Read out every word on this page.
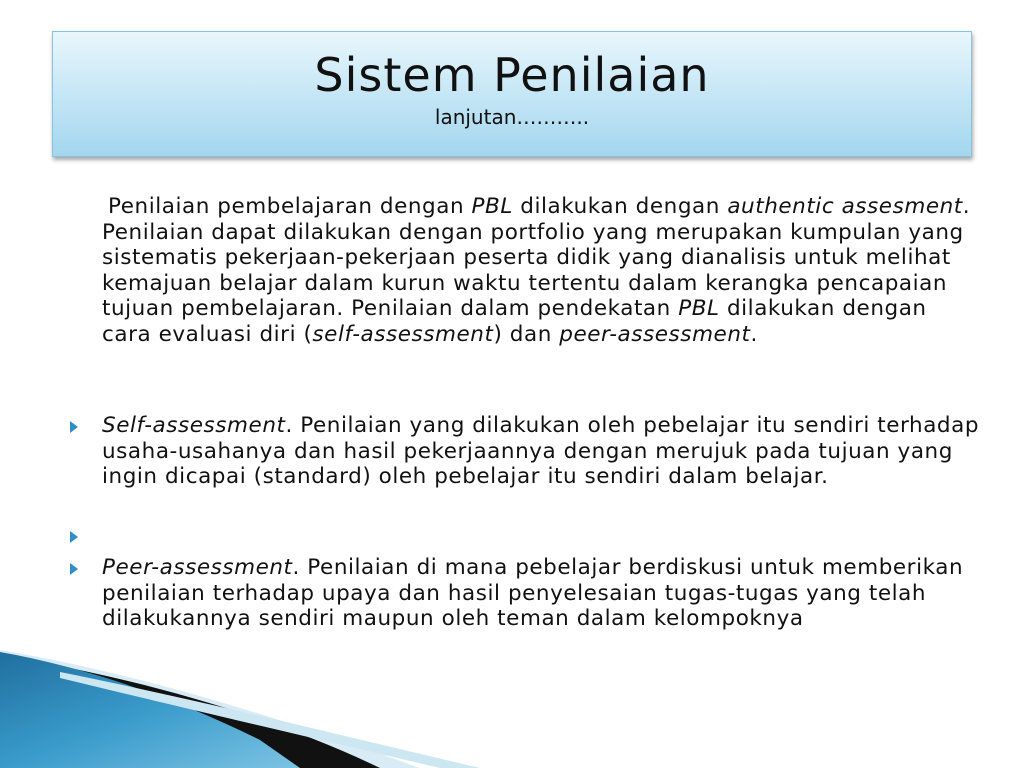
Sistem Penilaian
lanjutan………..
Penilaian pembelajaran dengan PBL dilakukan dengan authentic assesment. Penilaian dapat dilakukan dengan portfolio yang merupakan kumpulan yang sistematis pekerjaan-pekerjaan peserta didik yang dianalisis untuk melihat kemajuan belajar dalam kurun waktu tertentu dalam kerangka pencapaian tujuan pembelajaran. Penilaian dalam pendekatan PBL dilakukan dengan cara evaluasi diri (self-assessment) dan peer-assessment.
Self-assessment. Penilaian yang dilakukan oleh pebelajar itu sendiri terhadap usaha-usahanya dan hasil pekerjaannya dengan merujuk pada tujuan yang ingin dicapai (standard) oleh pebelajar itu sendiri dalam belajar.
Peer-assessment. Penilaian di mana pebelajar berdiskusi untuk memberikan penilaian terhadap upaya dan hasil penyelesaian tugas-tugas yang telah dilakukannya sendiri maupun oleh teman dalam kelompoknya
